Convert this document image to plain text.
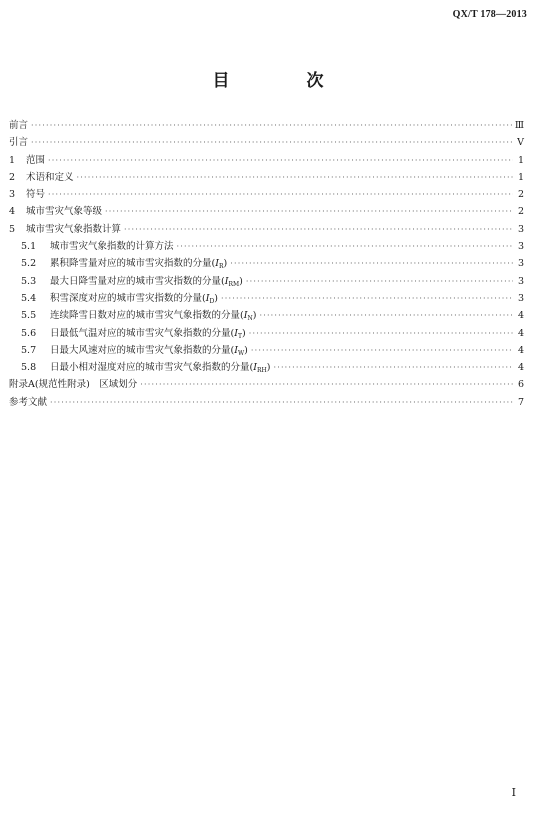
QX/T 178—2013
目　次
前言 ·····	Ⅲ
引言 ·····	Ⅴ
1	范围 ·····	1
2	术语和定义 ·····	1
3	符号 ·····	2
4	城市雪灾气象等级 ·····	2
5	城市雪灾气象指数计算 ·····	3
5.1	城市雪灾气象指数的计算方法 ·····	3
5.2	累积降雪量对应的城市雪灾指数的分量$(I_R)$ ·····	3
5.3	最大日降雪量对应的城市雪灾指数的分量$(I_{RM})$ ·····	3
5.4	积雪深度对应的城市雪灾指数的分量$(I_D)$ ·····	3
5.5	连续降雪日数对应的城市雪灾气象指数的分量$(I_N)$ ·····	4
5.6	日最低气温对应的城市雪灾气象指数的分量$(I_T)$ ·····	4
5.7	日最大风速对应的城市雪灾气象指数的分量$(I_W)$ ·····	4
5.8	日最小相对湿度对应的城市雪灾气象指数的分量$(I_{RH})$ ·····	4
附录A(规范性附录)　区域划分 ·····	6
参考文献 ·····	7
Ⅰ
